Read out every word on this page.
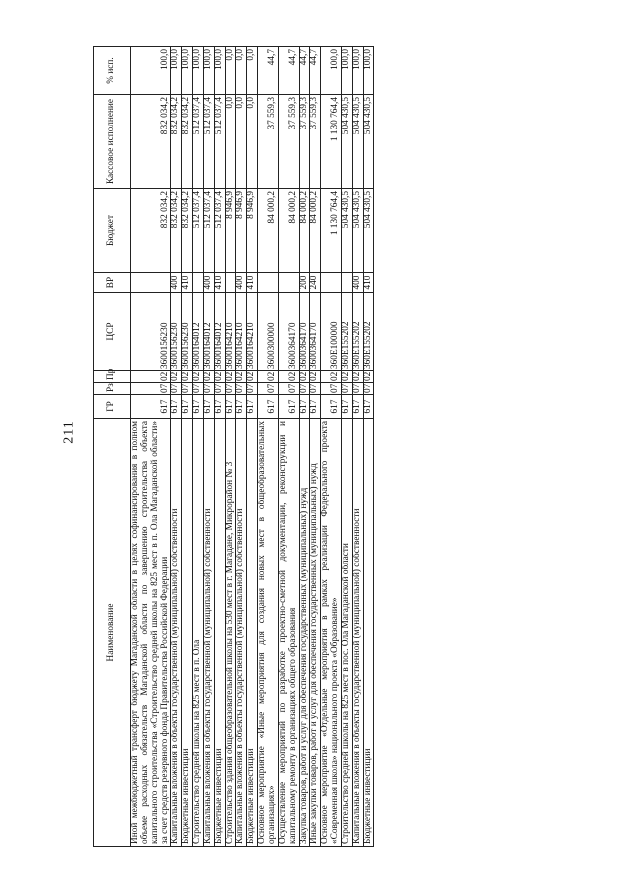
211
Наименование	ГР	Рз	Пр	ЦСР	ВР	Бюджет	Кассовое исполнение	% исп.
Иной межбюджетный трансферт бюджету Магаданской области в целях софинансирования в полном объеме расходных обязательств Магаданской области по завершению строительства объекта капитального строительства «Строительство средней школы на 825 мест в п. Ола Магаданской области» за счет средств резервного фонда Правительства Российской Федерации	617	07	02	3600156230		832 034,2	832 034,2	100,0
Капитальные вложения в объекты государственной (муниципальной) собственности	617	07	02	3600156230	400	832 034,2	832 034,2	100,0
Бюджетные инвестиции	617	07	02	3600156230	410	832 034,2	832 034,2	100,0
Строительство средней школы на 825 мест в п. Ола	617	07	02	3600164012		512 037,4	512 037,4	100,0
Капитальные вложения в объекты государственной (муниципальной) собственности	617	07	02	3600164012	400	512 037,4	512 037,4	100,0
Бюджетные инвестиции	617	07	02	3600164012	410	512 037,4	512 037,4	100,0
Строительство здания общеобразовательной школы на 530 мест в г. Магадане, Микрорайон № 3	617	07	02	3600164210		8 946,9	0,0	0,0
Капитальные вложения в объекты государственной (муниципальной) собственности	617	07	02	3600164210	400	8 946,9	0,0	0,0
Бюджетные инвестиции	617	07	02	3600164210	410	8 946,9	0,0	0,0
Основное мероприятие «Иные мероприятия для создания новых мест в общеобразовательных организациях»	617	07	02	3600300000		84 000,2	37 559,3	44,7
Осуществление мероприятий по разработке проектно-сметной документации, реконструкции и капитальному ремонту в организациях общего образования	617	07	02	3600364170		84 000,2	37 559,3	44,7
Закупка товаров, работ и услуг для обеспечения государственных (муниципальных) нужд	617	07	02	3600364170	200	84 000,2	37 559,3	44,7
Иные закупки товаров, работ и услуг для обеспечения государственных (муниципальных) нужд	617	07	02	3600364170	240	84 000,2	37 559,3	44,7
Основное мероприятие «Отдельные мероприятия в рамках реализации Федерального проекта «Современная школа» национального проекта «Образование»	617	07	02	360E100000		1 130 764,4	1 130 764,4	100,0
Строительство средней школы на 825 мест в пос. Ола Магаданской области	617	07	02	360E155202		504 430,5	504 430,5	100,0
Капитальные вложения в объекты государственной (муниципальной) собственности	617	07	02	360E155202	400	504 430,5	504 430,5	100,0
Бюджетные инвестиции	617	07	02	360E155202	410	504 430,5	504 430,5	100,0
